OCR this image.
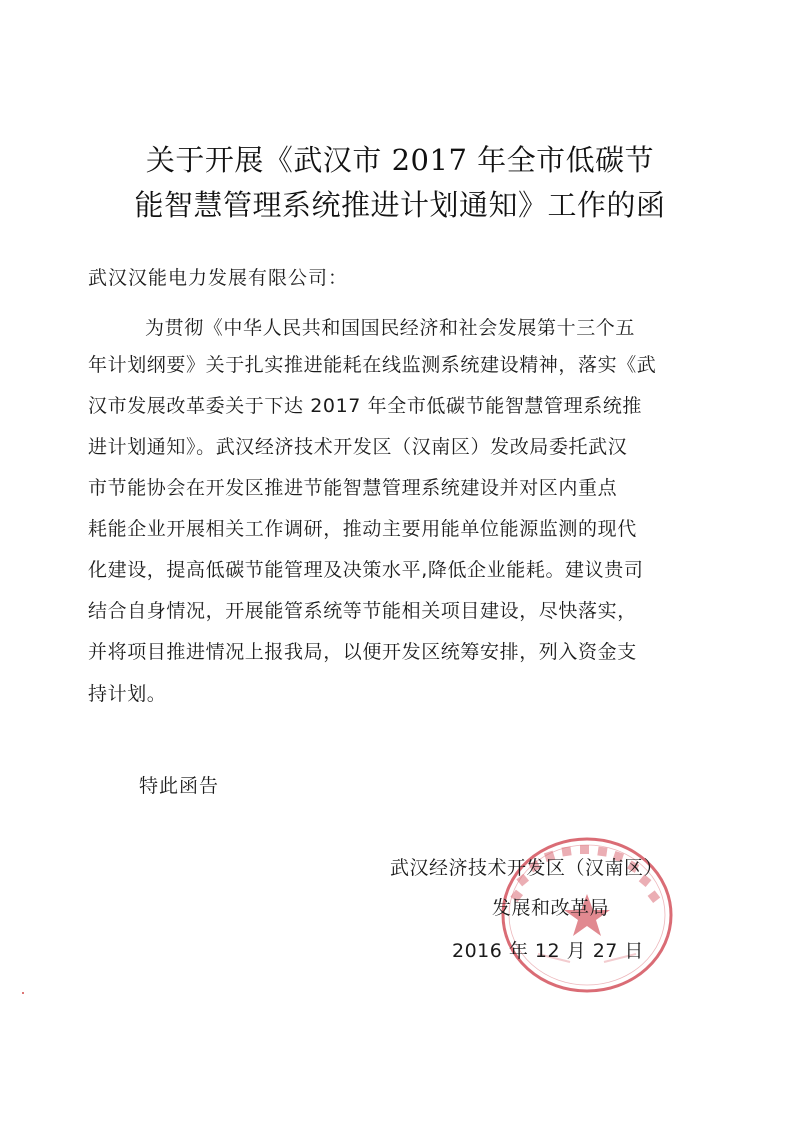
关于开展《武汉市 2017 年全市低碳节
能智慧管理系统推进计划通知》工作的函
武汉汉能电力发展有限公司：
为贯彻《中华人民共和国国民经济和社会发展第十三个五
年计划纲要》关于扎实推进能耗在线监测系统建设精神，落实《武
汉市发展改革委关于下达 2017 年全市低碳节能智慧管理系统推
进计划通知》。武汉经济技术开发区（汉南区）发改局委托武汉
市节能协会在开发区推进节能智慧管理系统建设并对区内重点
耗能企业开展相关工作调研，推动主要用能单位能源监测的现代
化建设，提高低碳节能管理及决策水平,降低企业能耗。建议贵司
结合自身情况，开展能管系统等节能相关项目建设，尽快落实，
并将项目推进情况上报我局，以便开发区统筹安排，列入资金支
持计划。
特此函告
武汉经济技术开发区（汉南区）
发展和改革局
2016 年 12 月 27 日
